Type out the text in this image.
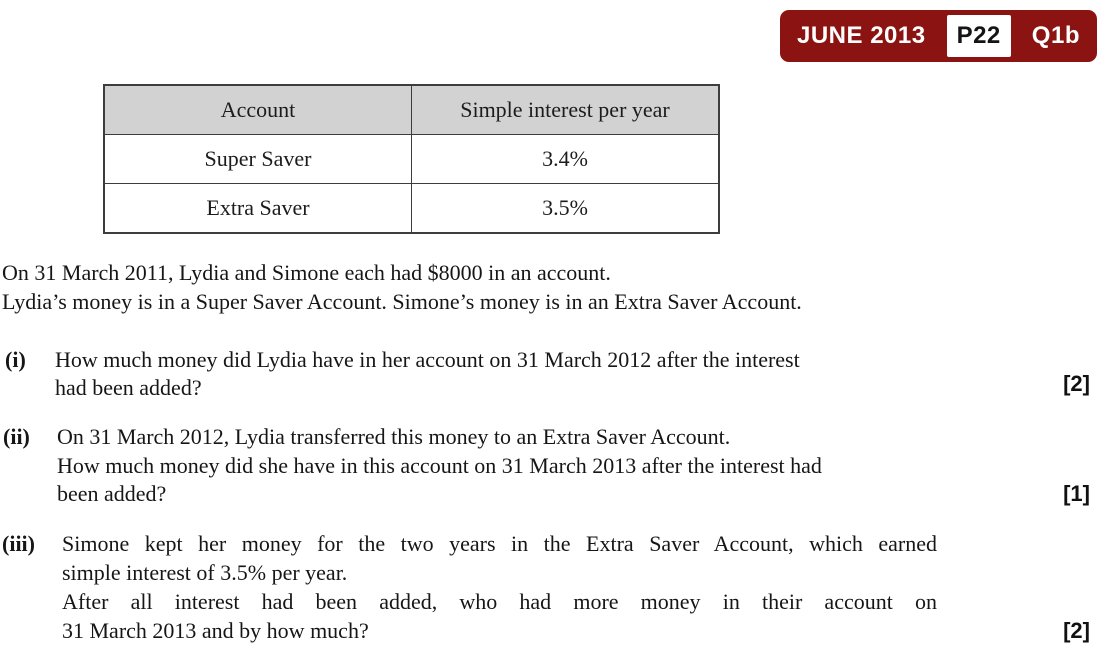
JUNE 2013	P22	Q1b
Account	Simple interest per year
Super Saver	3.4%
Extra Saver	3.5%
On 31 March 2011, Lydia and Simone each had $8000 in an account.
Lydia’s money is in a Super Saver Account. Simone’s money is in an Extra Saver Account.
(i) How much money did Lydia have in her account on 31 March 2012 after the interest
had been added?	[2]
(ii) On 31 March 2012, Lydia transferred this money to an Extra Saver Account.
How much money did she have in this account on 31 March 2013 after the interest had
been added?	[1]
(iii) Simone kept her money for the two years in the Extra Saver Account, which earned
simple interest of 3.5% per year.
After all interest had been added, who had more money in their account on
31 March 2013 and by how much?	[2]
